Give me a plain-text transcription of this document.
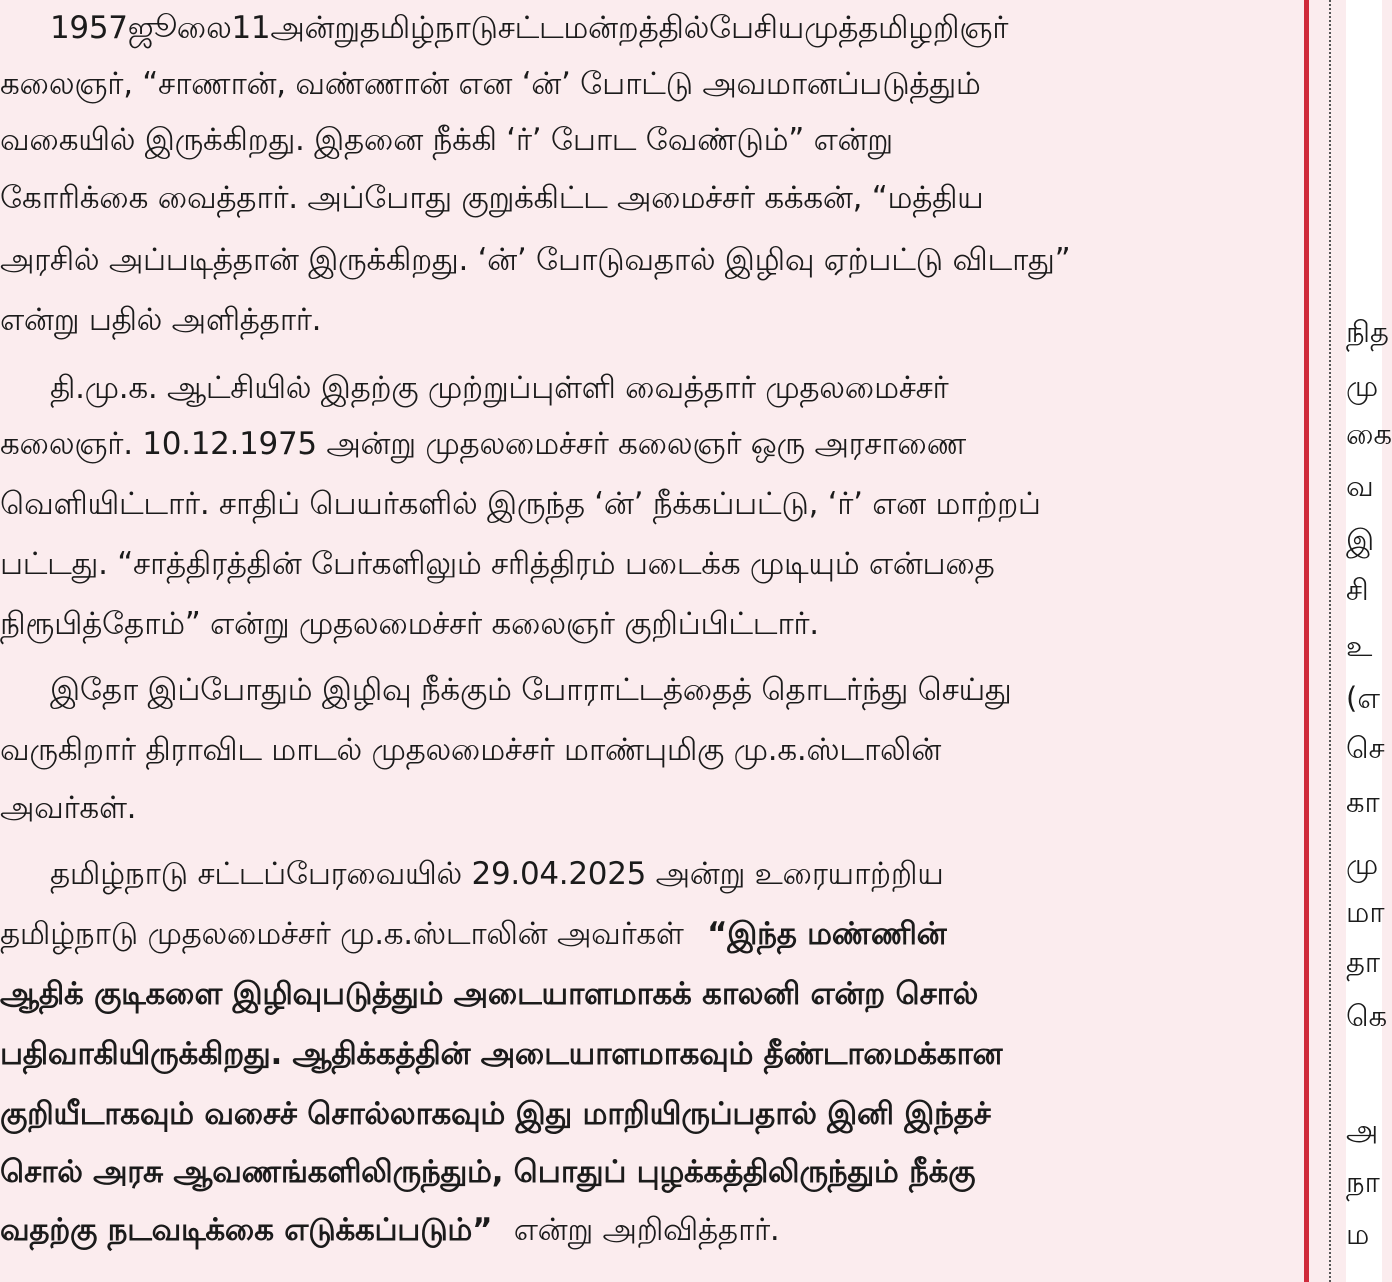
1957ஜூலை11அன்றுதமிழ்நாடுசட்டமன்றத்தில்பேசியமுத்தமிழறிஞர்
கலைஞர், “சாணான், வண்ணான் என ‘ன்’ போட்டு அவமானப்படுத்தும்
வகையில் இருக்கிறது. இதனை நீக்கி ‘ர்’ போட வேண்டும்” என்று
கோரிக்கை வைத்தார். அப்போது குறுக்கிட்ட அமைச்சர் கக்கன், “மத்திய
அரசில் அப்படித்தான் இருக்கிறது. ‘ன்’ போடுவதால் இழிவு ஏற்பட்டு விடாது”
என்று பதில் அளித்தார்.
தி.மு.க. ஆட்சியில் இதற்கு முற்றுப்புள்ளி வைத்தார் முதலமைச்சர்
கலைஞர். 10.12.1975 அன்று முதலமைச்சர் கலைஞர் ஒரு அரசாணை
வெளியிட்டார். சாதிப் பெயர்களில் இருந்த ‘ன்’ நீக்கப்பட்டு, ‘ர்’ என மாற்றப்
பட்டது. “சாத்திரத்தின் பேர்களிலும் சரித்திரம் படைக்க முடியும் என்பதை
நிரூபித்தோம்” என்று முதலமைச்சர் கலைஞர் குறிப்பிட்டார்.
இதோ இப்போதும் இழிவு நீக்கும் போராட்டத்தைத் தொடர்ந்து செய்து
வருகிறார் திராவிட மாடல் முதலமைச்சர் மாண்புமிகு மு.க.ஸ்டாலின்
அவர்கள்.
தமிழ்நாடு சட்டப்பேரவையில் 29.04.2025 அன்று உரையாற்றிய
தமிழ்நாடு முதலமைச்சர் மு.க.ஸ்டாலின் அவர்கள் “இந்த மண்ணின்
ஆதிக் குடிகளை இழிவுபடுத்தும் அடையாளமாகக் காலனி என்ற சொல்
பதிவாகியிருக்கிறது. ஆதிக்கத்தின் அடையாளமாகவும் தீண்டாமைக்கான
குறியீடாகவும் வசைச் சொல்லாகவும் இது மாறியிருப்பதால் இனி இந்தச்
சொல் அரசு ஆவணங்களிலிருந்தும், பொதுப் புழக்கத்திலிருந்தும் நீக்கு
வதற்கு நடவடிக்கை எடுக்கப்படும்” என்று அறிவித்தார்.
நித
மு
கை
வ
இ
சி
உ
(எ
செ
கா
மு
மா
தா
கெ
அ
நா
ம
